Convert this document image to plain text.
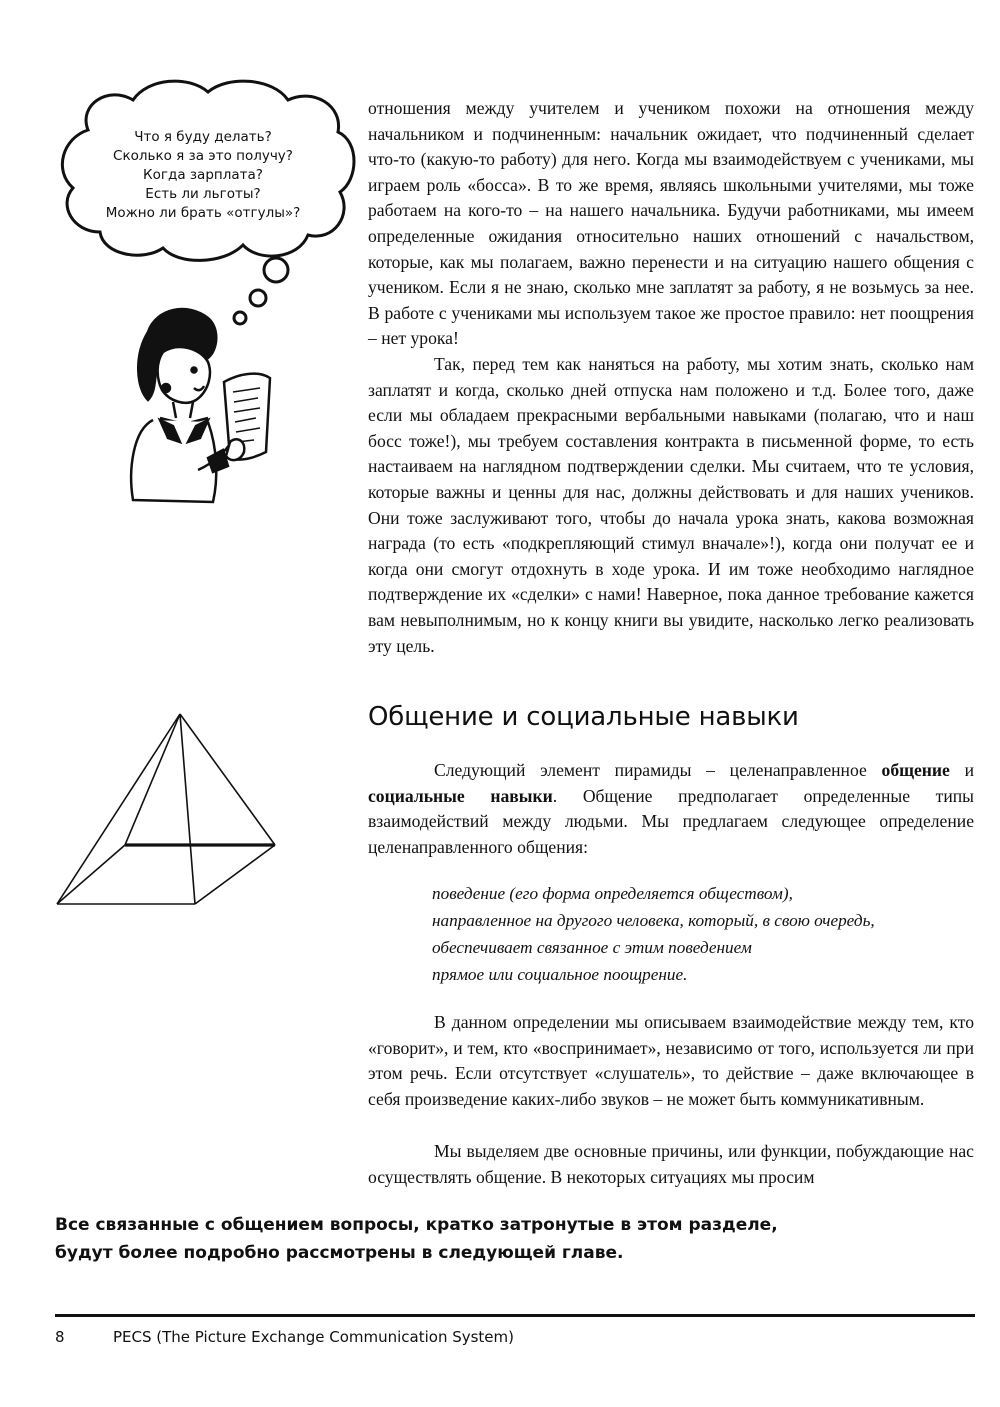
Что я буду делать?
Сколько я за это получу?
Когда зарплата?
Есть ли льготы?
Можно ли брать «отгулы»?

отношения между учителем и учеником похожи на отношения между начальником и подчиненным: начальник ожидает, что подчиненный сделает что-то (какую-то работу) для него. Когда мы взаимодействуем с учениками, мы играем роль «босса». В то же время, являясь школьными учителями, мы тоже работаем на кого-то – на нашего начальника. Будучи работниками, мы имеем определенные ожидания относительно наших отношений с начальством, которые, как мы полагаем, важно перенести и на ситуацию нашего общения с учеником. Если я не знаю, сколько мне заплатят за работу, я не возьмусь за нее. В работе с учениками мы используем такое же простое правило: нет поощрения – нет урока!

Так, перед тем как наняться на работу, мы хотим знать, сколько нам заплатят и когда, сколько дней отпуска нам положено и т.д. Более того, даже если мы обладаем прекрасными вербальными навыками (полагаю, что и наш босс тоже!), мы требуем составления контракта в письменной форме, то есть настаиваем на наглядном подтверждении сделки. Мы считаем, что те условия, которые важны и ценны для нас, должны действовать и для наших учеников. Они тоже заслуживают того, чтобы до начала урока знать, какова возможная награда (то есть «подкрепляющий стимул вначале»!), когда они получат ее и когда они смогут отдохнуть в ходе урока. И им тоже необходимо наглядное подтверждение их «сделки» с нами! Наверное, пока данное требование кажется вам невыполнимым, но к концу книги вы увидите, насколько легко реализовать эту цель.

Общение и социальные навыки

Следующий элемент пирамиды – целенаправленное общение и социальные навыки. Общение предполагает определенные типы взаимодействий между людьми. Мы предлагаем следующее определение целенаправленного общения:

поведение (его форма определяется обществом),
направленное на другого человека, который, в свою очередь,
обеспечивает связанное с этим поведением
прямое или социальное поощрение.

В данном определении мы описываем взаимодействие между тем, кто «говорит», и тем, кто «воспринимает», независимо от того, используется ли при этом речь. Если отсутствует «слушатель», то действие – даже включающее в себя произведение каких-либо звуков – не может быть коммуникативным.

Мы выделяем две основные причины, или функции, побуждающие нас осуществлять общение. В некоторых ситуациях мы просим

Все связанные с общением вопросы, кратко затронутые в этом разделе,
будут более подробно рассмотрены в следующей главе.
8	PECS (The Picture Exchange Communication System)
